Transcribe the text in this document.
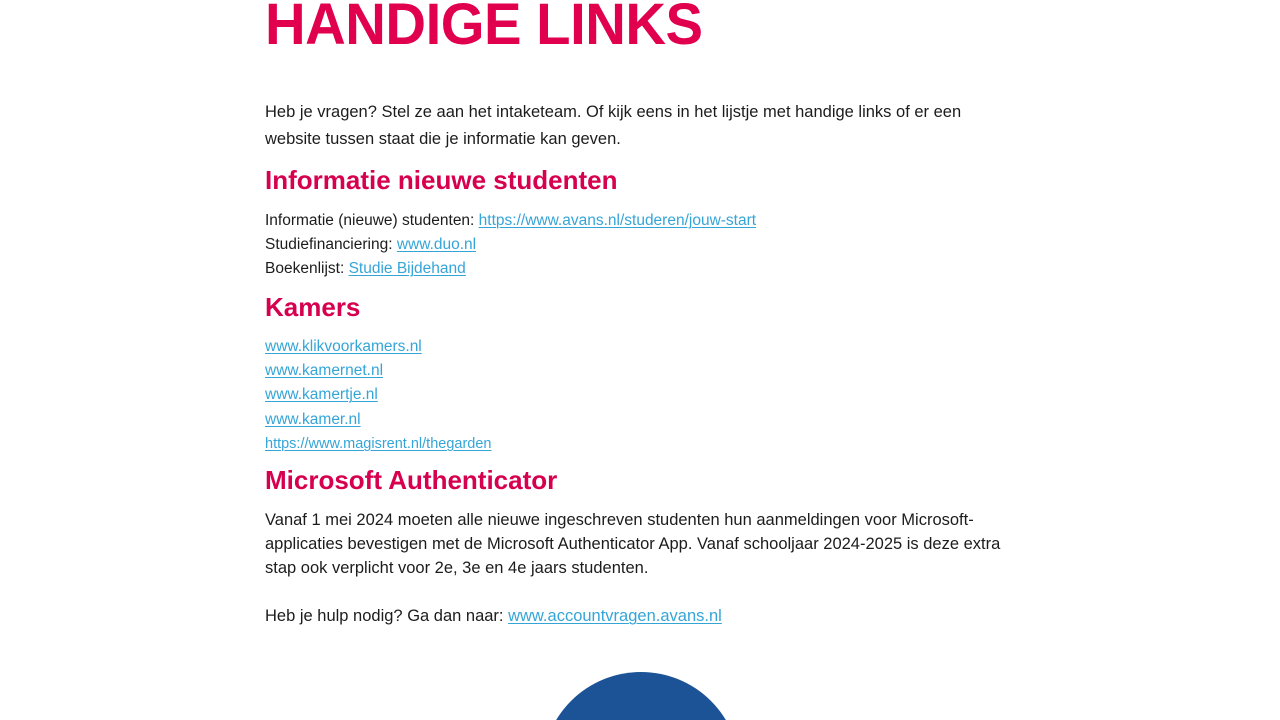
HANDIGE LINKS

Heb je vragen? Stel ze aan het intaketeam. Of kijk eens in het lijstje met handige links of er een website tussen staat die je informatie kan geven.

Informatie nieuwe studenten
Informatie (nieuwe) studenten: https://www.avans.nl/studeren/jouw-start
Studiefinanciering: www.duo.nl
Boekenlijst: Studie Bijdehand
Kamers
www.klikvoorkamers.nl
www.kamernet.nl
www.kamertje.nl
www.kamer.nl
https://www.magisrent.nl/thegarden
Microsoft Authenticator

Vanaf 1 mei 2024 moeten alle nieuwe ingeschreven studenten hun aanmeldingen voor Microsoft-applicaties bevestigen met de Microsoft Authenticator App. Vanaf schooljaar 2024-2025 is deze extra stap ook verplicht voor 2e, 3e en 4e jaars studenten.

Heb je hulp nodig? Ga dan naar: www.accountvragen.avans.nl
